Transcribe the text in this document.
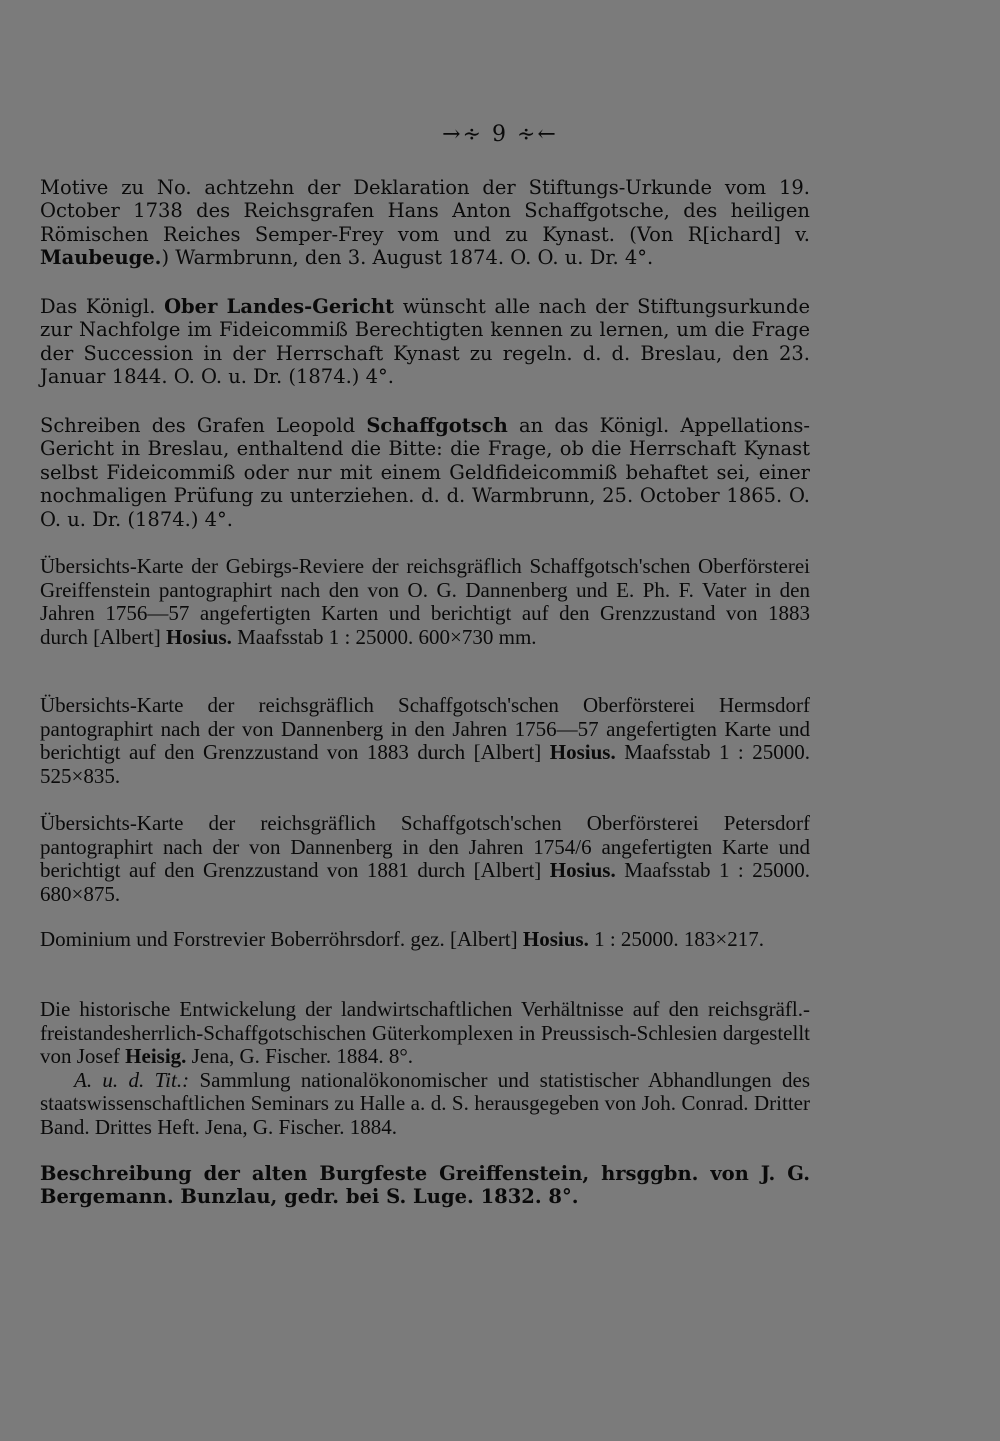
→∻ 9 ∻←
Motive zu No. achtzehn der Deklaration der Stiftungs-Urkunde vom 19. October 1738 des Reichsgrafen Hans Anton Schaffgotsche, des heiligen Römischen Reiches Semper-Frey vom und zu Kynast. (Von R[ichard] v. Maubeuge.) Warmbrunn, den 3. August 1874. O. O. u. Dr. 4°.
Das Königl. Ober Landes-Gericht wünscht alle nach der Stiftungsurkunde zur Nachfolge im Fideicommiß Berechtigten kennen zu lernen, um die Frage der Succession in der Herrschaft Kynast zu regeln. d. d. Breslau, den 23. Januar 1844. O. O. u. Dr. (1874.) 4°.
Schreiben des Grafen Leopold Schaffgotsch an das Königl. Appellations-Gericht in Breslau, enthaltend die Bitte: die Frage, ob die Herrschaft Kynast selbst Fideicommiß oder nur mit einem Geldfideicommiß behaftet sei, einer nochmaligen Prüfung zu unterziehen. d. d. Warmbrunn, 25. October 1865. O. O. u. Dr. (1874.) 4°.
Übersichts-Karte der Gebirgs-Reviere der reichsgräflich Schaffgotsch'schen Oberförsterei Greiffenstein pantographirt nach den von O. G. Dannenberg und E. Ph. F. Vater in den Jahren 1756—57 angefertigten Karten und berichtigt auf den Grenzzustand von 1883 durch [Albert] Hosius. Maafsstab 1 : 25000. 600×730 mm.
Übersichts-Karte der reichsgräflich Schaffgotsch'schen Oberförsterei Hermsdorf pantographirt nach der von Dannenberg in den Jahren 1756—57 angefertigten Karte und berichtigt auf den Grenzzustand von 1883 durch [Albert] Hosius. Maafsstab 1 : 25000. 525×835.
Übersichts-Karte der reichsgräflich Schaffgotsch'schen Oberförsterei Petersdorf pantographirt nach der von Dannenberg in den Jahren 1754/6 angefertigten Karte und berichtigt auf den Grenzzustand von 1881 durch [Albert] Hosius. Maafsstab 1 : 25000. 680×875.
Dominium und Forstrevier Boberröhrsdorf. gez. [Albert] Hosius. 1 : 25000. 183×217.
Die historische Entwickelung der landwirtschaftlichen Verhältnisse auf den reichsgräfl.-freistandesherrlich-Schaffgotschischen Güterkomplexen in Preussisch-Schlesien dargestellt von Josef Heisig. Jena, G. Fischer. 1884. 8°.
A. u. d. Tit.: Sammlung nationalökonomischer und statistischer Abhandlungen des staatswissenschaftlichen Seminars zu Halle a. d. S. herausgegeben von Joh. Conrad. Dritter Band. Drittes Heft. Jena, G. Fischer. 1884.
Beschreibung der alten Burgfeste Greiffenstein, hrsggbn. von J. G. Bergemann. Bunzlau, gedr. bei S. Luge. 1832. 8°.
